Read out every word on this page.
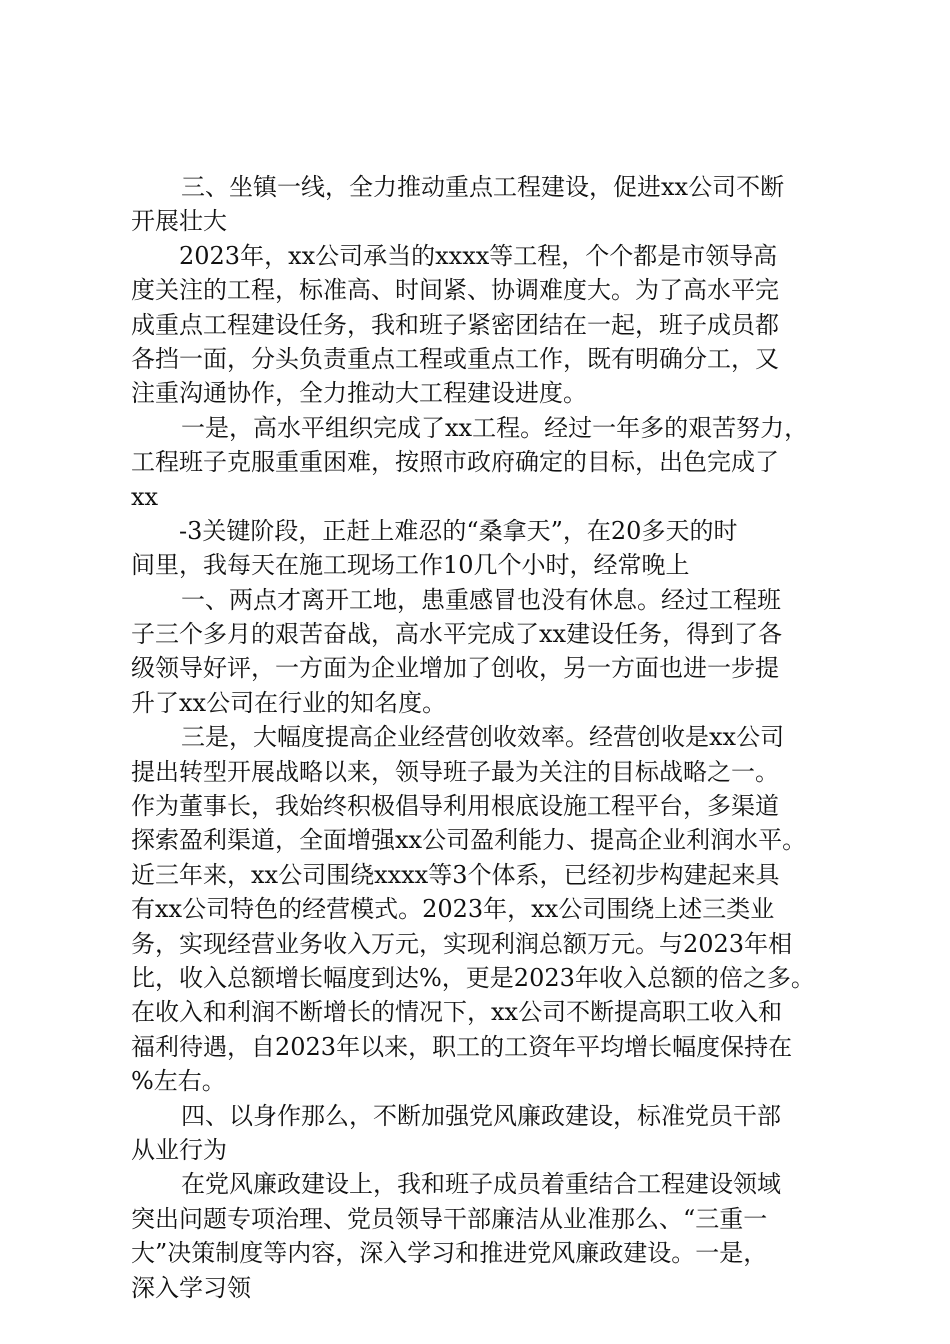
三、坐镇一线，全力推动重点工程建设，促进xx公司不断
开展壮大
2023年，xx公司承当的xxxx等工程，个个都是市领导高
度关注的工程，标准高、时间紧、协调难度大。为了高水平完
成重点工程建设任务，我和班子紧密团结在一起，班子成员都
各挡一面，分头负责重点工程或重点工作，既有明确分工，又
注重沟通协作，全力推动大工程建设进度。
一是，高水平组织完成了xx工程。经过一年多的艰苦努力，
工程班子克服重重困难，按照市政府确定的目标，出色完成了
xx
-3关键阶段，正赶上难忍的“桑拿天”，在20多天的时
间里，我每天在施工现场工作10几个小时，经常晚上
一、两点才离开工地，患重感冒也没有休息。经过工程班
子三个多月的艰苦奋战，高水平完成了xx建设任务，得到了各
级领导好评，一方面为企业增加了创收，另一方面也进一步提
升了xx公司在行业的知名度。
三是，大幅度提高企业经营创收效率。经营创收是xx公司
提出转型开展战略以来，领导班子最为关注的目标战略之一。
作为董事长，我始终积极倡导利用根底设施工程平台，多渠道
探索盈利渠道，全面增强xx公司盈利能力、提高企业利润水平。
近三年来，xx公司围绕xxxx等3个体系，已经初步构建起来具
有xx公司特色的经营模式。2023年，xx公司围绕上述三类业
务，实现经营业务收入万元，实现利润总额万元。与2023年相
比，收入总额增长幅度到达%，更是2023年收入总额的倍之多。
在收入和利润不断增长的情况下，xx公司不断提高职工收入和
福利待遇，自2023年以来，职工的工资年平均增长幅度保持在
%左右。
四、以身作那么，不断加强党风廉政建设，标准党员干部
从业行为
在党风廉政建设上，我和班子成员着重结合工程建设领域
突出问题专项治理、党员领导干部廉洁从业准那么、“三重一
大”决策制度等内容，深入学习和推进党风廉政建设。一是，
深入学习领
